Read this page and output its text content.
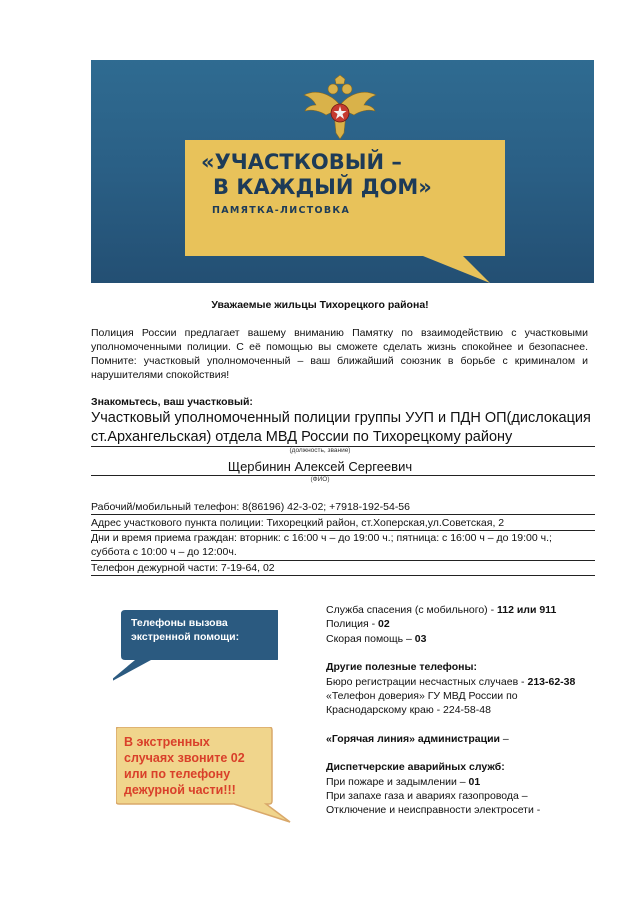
«УЧАСТКОВЫЙ –
В КАЖДЫЙ ДОМ»
ПАМЯТКА-ЛИСТОВКА
Уважаемые жильцы Тихорецкого района!
Полиция России предлагает вашему вниманию Памятку по взаимодействию с участковыми уполномоченными полиции. С её помощью вы сможете сделать жизнь спокойнее и безопаснее. Помните: участковый уполномоченный – ваш ближайший союзник в борьбе с криминалом и нарушителями спокойствия!
Знакомьтесь, ваш участковый:
Участковый уполномоченный полиции группы УУП и ПДН ОП(дислокация ст.Архангельская) отдела МВД России по Тихорецкому району
(должность, звание)
Щербинин Алексей Сергеевич
(ФИО)
Рабочий/мобильный телефон: 8(86196) 42-3-02; +7918-192-54-56
Адрес участкового пункта полиции: Тихорецкий район, ст.Хоперская,ул.Советская, 2
Дни и время приема граждан: вторник: с 16:00 ч – до 19:00 ч.; пятница: с 16:00 ч – до 19:00 ч.; суббота с 10:00 ч – до 12:00ч.
Телефон дежурной части: 7-19-64, 02
Телефоны вызова
экстренной помощи:
В экстренных
случаях звоните 02
или по телефону
дежурной части!!!
Служба спасения (с мобильного) - 112 или 911
Полиция - 02
Скорая помощь – 03
Другие полезные телефоны:
Бюро регистрации несчастных случаев - 213-62-38
«Телефон доверия» ГУ МВД России по
Краснодарскому краю - 224-58-48
«Горячая линия» администрации –
Диспетчерские аварийных служб:
При пожаре и задымлении – 01
При запахе газа и авариях газопровода –
Отключение и неисправности электросети -
